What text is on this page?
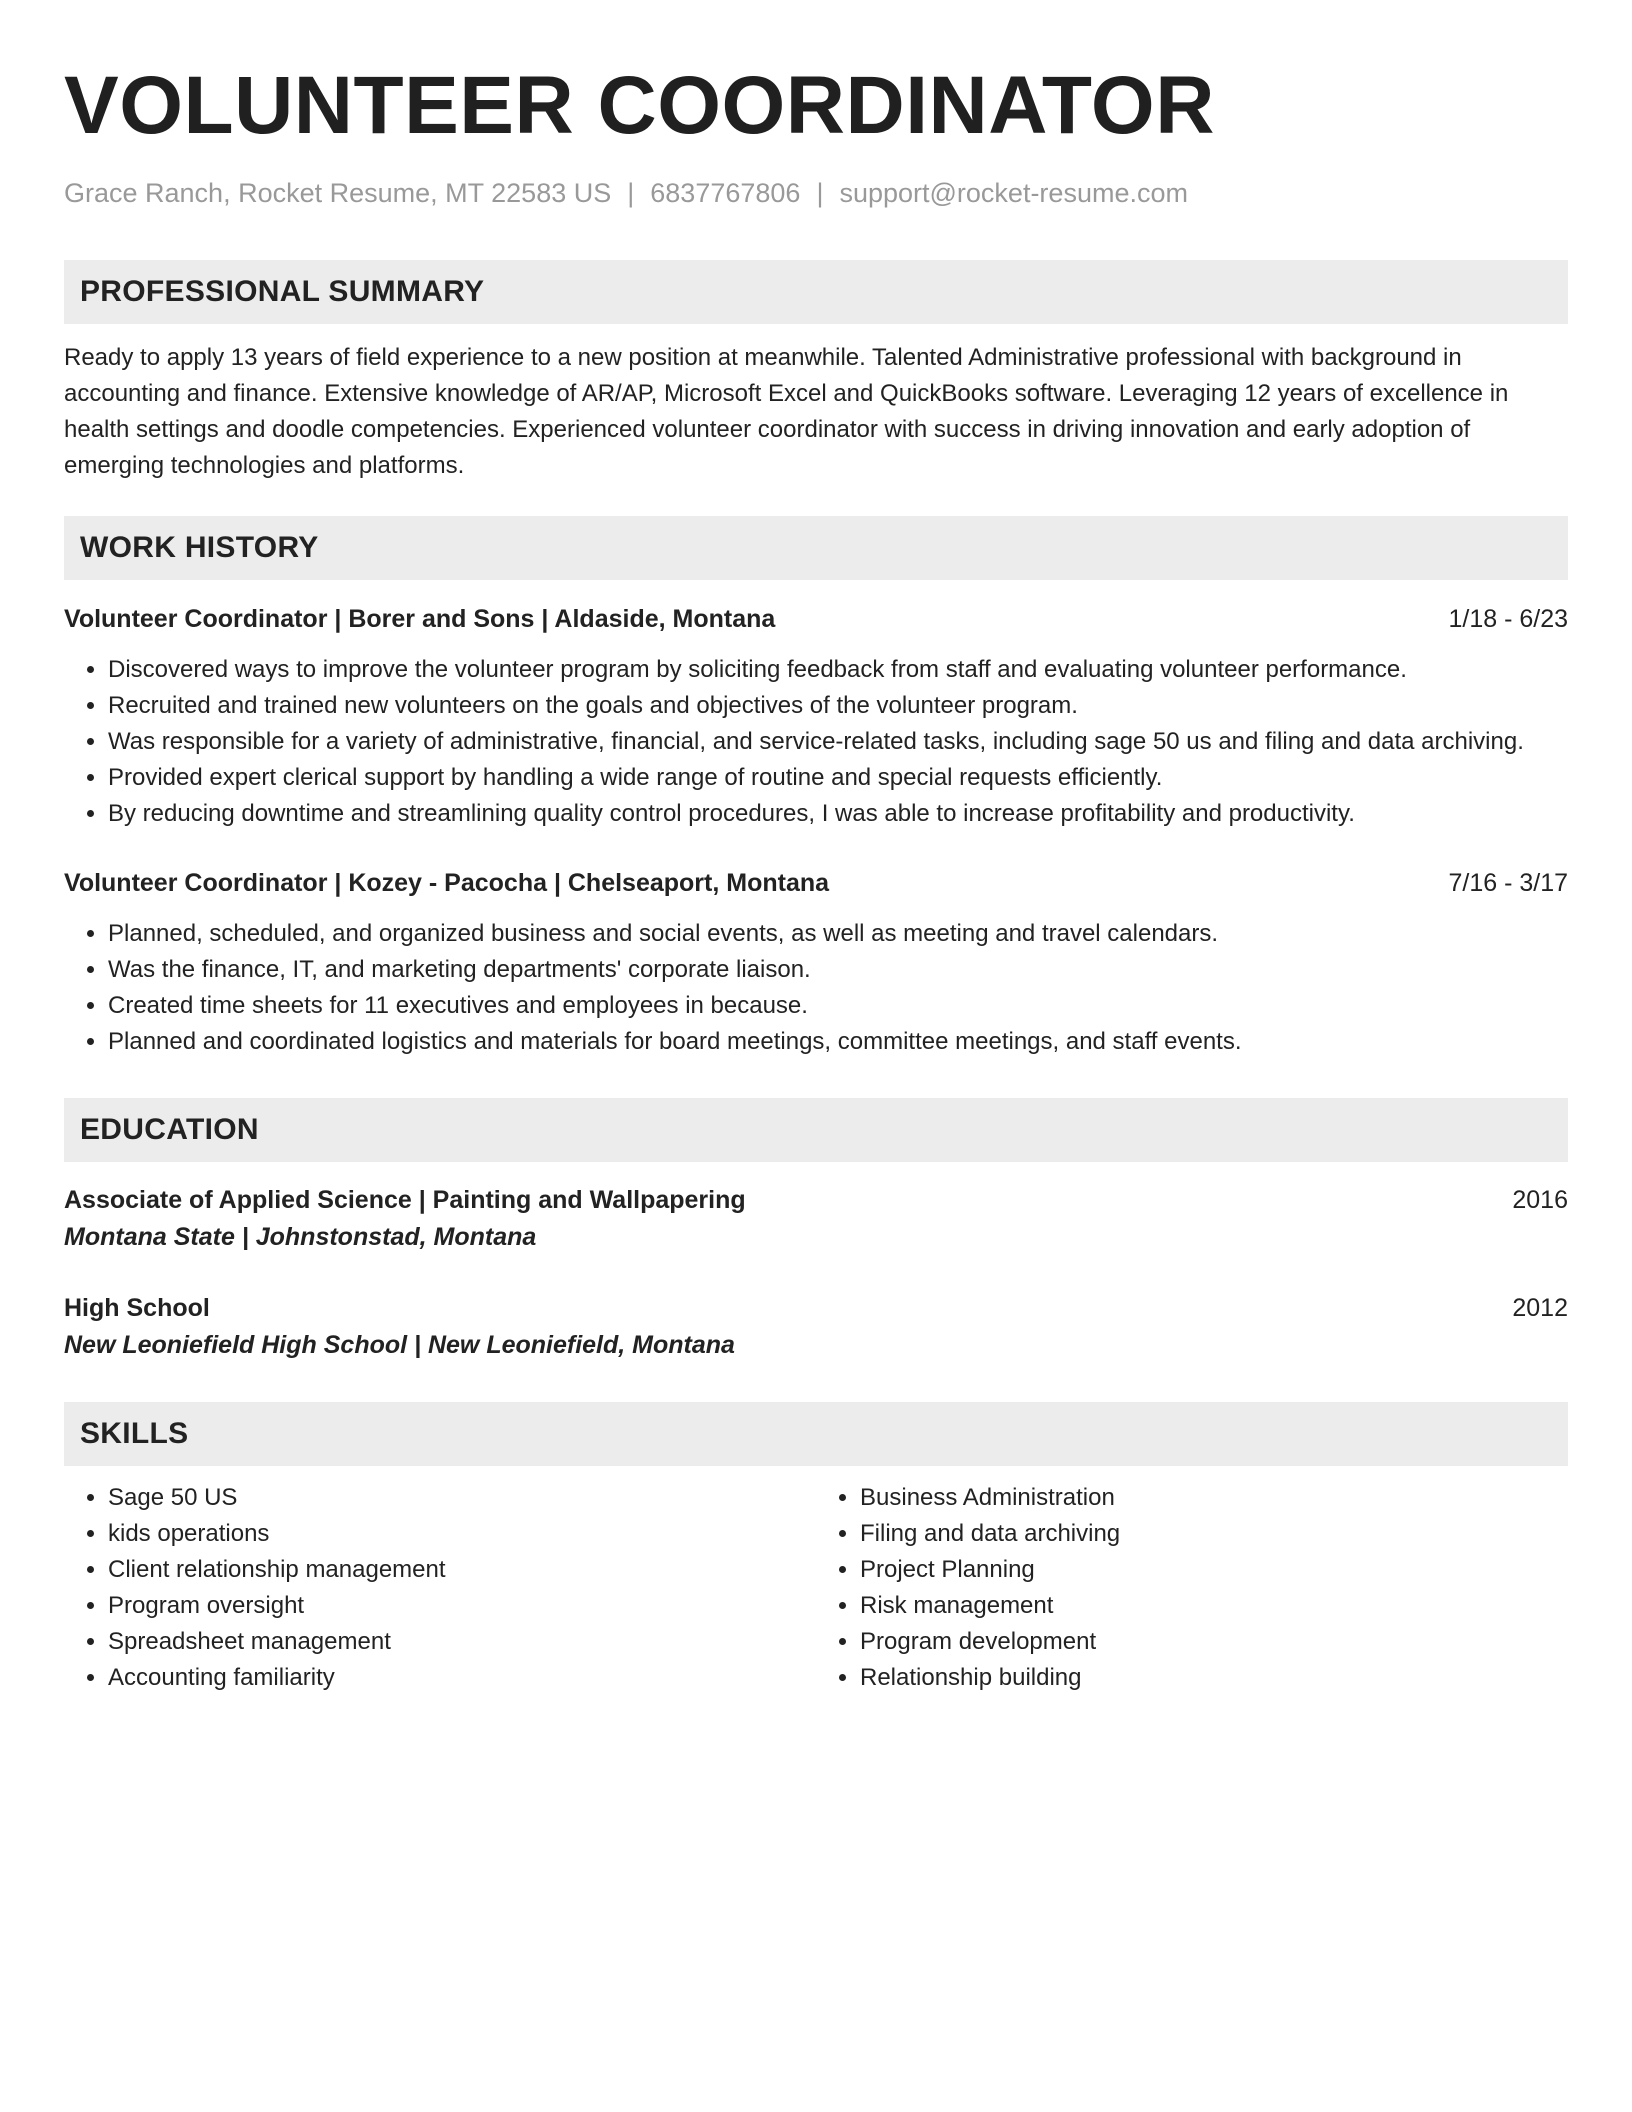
VOLUNTEER COORDINATOR
Grace Ranch, Rocket Resume, MT 22583 US | 6837767806 | support@rocket-resume.com
PROFESSIONAL SUMMARY
Ready to apply 13 years of field experience to a new position at meanwhile. Talented Administrative professional with background in accounting and finance. Extensive knowledge of AR/AP, Microsoft Excel and QuickBooks software. Leveraging 12 years of excellence in health settings and doodle competencies. Experienced volunteer coordinator with success in driving innovation and early adoption of emerging technologies and platforms.
WORK HISTORY
Volunteer Coordinator | Borer and Sons | Aldaside, Montana	1/18 - 6/23
• Discovered ways to improve the volunteer program by soliciting feedback from staff and evaluating volunteer performance.
• Recruited and trained new volunteers on the goals and objectives of the volunteer program.
• Was responsible for a variety of administrative, financial, and service-related tasks, including sage 50 us and filing and data archiving.
• Provided expert clerical support by handling a wide range of routine and special requests efficiently.
• By reducing downtime and streamlining quality control procedures, I was able to increase profitability and productivity.
Volunteer Coordinator | Kozey - Pacocha | Chelseaport, Montana	7/16 - 3/17
• Planned, scheduled, and organized business and social events, as well as meeting and travel calendars.
• Was the finance, IT, and marketing departments' corporate liaison.
• Created time sheets for 11 executives and employees in because.
• Planned and coordinated logistics and materials for board meetings, committee meetings, and staff events.
EDUCATION
Associate of Applied Science | Painting and Wallpapering	2016
Montana State | Johnstonstad, Montana
High School	2012
New Leoniefield High School | New Leoniefield, Montana
SKILLS
• Sage 50 US
• kids operations
• Client relationship management
• Program oversight
• Spreadsheet management
• Accounting familiarity
• Business Administration
• Filing and data archiving
• Project Planning
• Risk management
• Program development
• Relationship building
